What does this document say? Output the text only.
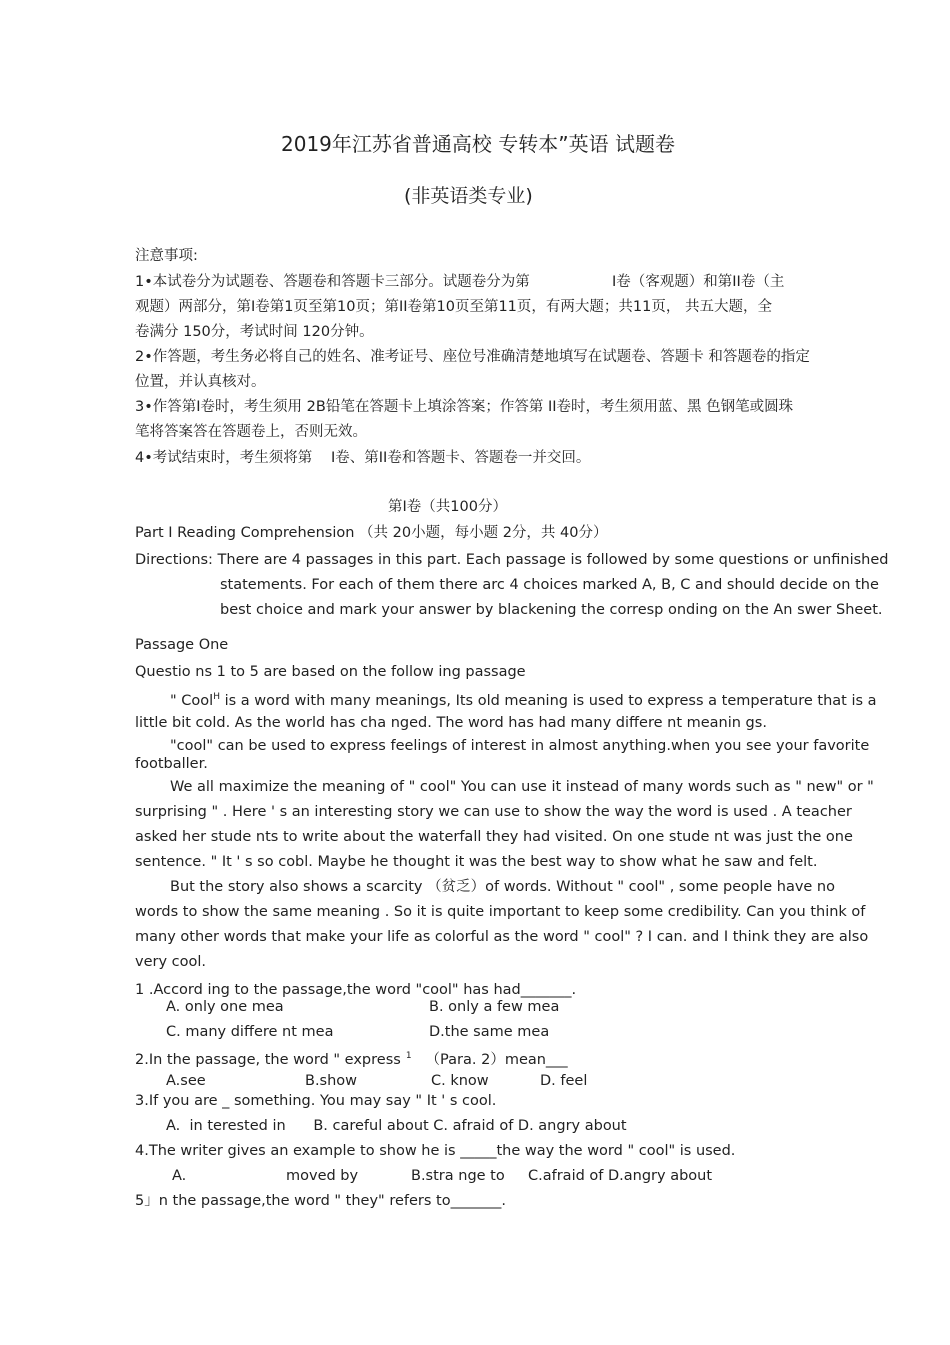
2019年江苏省普通高校 专转本”英语 试题卷
(非英语类专业)
注意事项:
1•本试卷分为试题卷、答题卷和答题卡三部分。试题卷分为第	I卷（客观题）和第II卷（主
观题）两部分，第I卷第1页至第10页；第II卷第10页至第11页，有两大题；共11页， 共五大题，全
卷满分 150分，考试时间 120分钟。
2•作答题，考生务必将自己的姓名、准考证号、座位号准确清楚地填写在试题卷、答题卡 和答题卷的指定
位置，并认真核对。
3•作答第I卷时，考生须用 2B铅笔在答题卡上填涂答案；作答第 II卷时，考生须用蓝、黑 色钢笔或圆珠
笔将答案答在答题卷上，否则无效。
4•考试结束时，考生须将第 I卷、第II卷和答题卡、答题卷一并交回。
第I卷（共100分）
Part I Reading Comprehension （共 20小题，每小题 2分，共 40分）
Directions: There are 4 passages in this part. Each passage is followed by some questions or unfinished
statements. For each of them there arc 4 choices marked A, B, C and should decide on the
best choice and mark your answer by blackening the corresp onding on the An swer Sheet.
Passage One
Questio ns 1 to 5 are based on the follow ing passage
" Cool$^H$ is a word with many meanings, Its old meaning is used to express a temperature that is a
little bit cold. As the world has cha nged. The word has had many differe nt meanin gs.
"cool" can be used to express feelings of interest in almost anything.when you see your favorite
footballer.
We all maximize the meaning of " cool" You can use it instead of many words such as " new" or "
surprising " . Here ' s an interesting story we can use to show the way the word is used . A teacher
asked her stude nts to write about the waterfall they had visited. On one stude nt was just the one
sentence. " It ' s so cobl. Maybe he thought it was the best way to show what he saw and felt.
But the story also shows a scarcity （贫乏）of words. Without " cool" , some people have no
words to show the same meaning . So it is quite important to keep some credibility. Can you think of
many other words that make your life as colorful as the word " cool" ? I can. and I think they are also
very cool.
1 .Accord ing to the passage,the word "cool" has had_______.
A. only one mea	B. only a few mea
C. many differe nt mea	D.the same mea
2.In the passage, the word " express $^1$ （Para. 2）mean___
A.see	B.show	C. know	D. feel
3.If you are _ something. You may say " It ' s cool.
A.  in terested in      B. careful about C. afraid of D. angry about
4.The writer gives an example to show he is _____the way the word " cool" is used.
A.	moved by	B.stra nge to C.afraid of D.angry about
5」n the passage,the word " they" refers to_______.
